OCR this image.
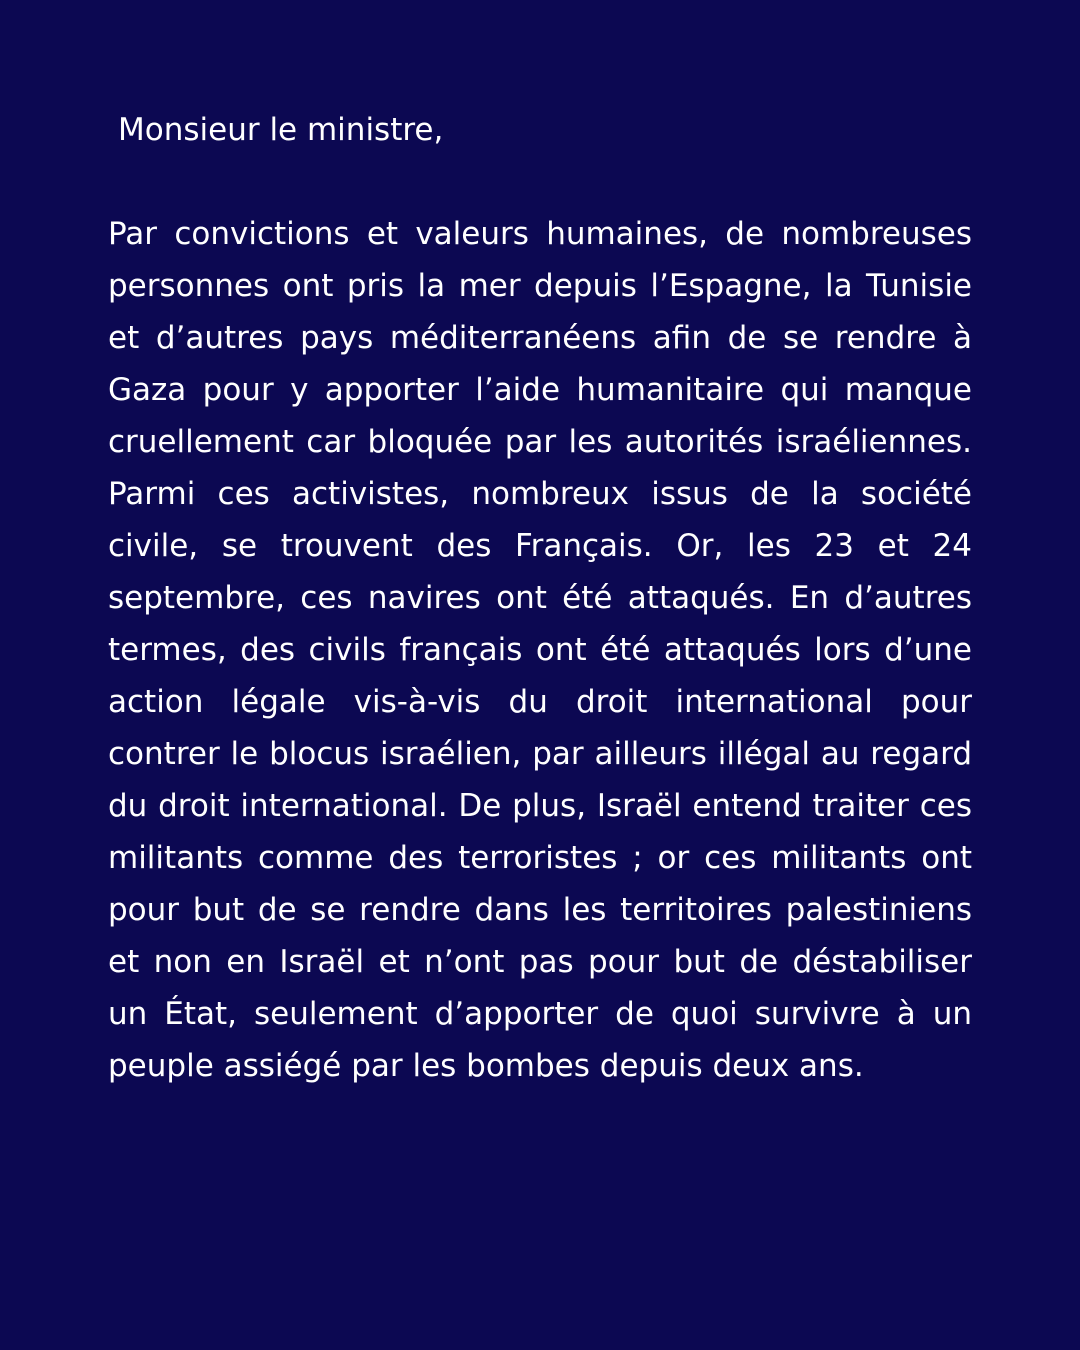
Monsieur le ministre,

Par convictions et valeurs humaines, de nombreuses personnes ont pris la mer depuis l’Espagne, la Tunisie et d’autres pays méditerranéens afin de se rendre à Gaza pour y apporter l’aide humanitaire qui manque cruellement car bloquée par les autorités israéliennes. Parmi ces activistes, nombreux issus de la société civile, se trouvent des Français. Or, les 23 et 24 septembre, ces navires ont été attaqués. En d’autres termes, des civils français ont été attaqués lors d’une action légale vis-à-vis du droit international pour contrer le blocus israélien, par ailleurs illégal au regard du droit international. De plus, Israël entend traiter ces militants comme des terroristes ; or ces militants ont pour but de se rendre dans les territoires palestiniens et non en Israël et n’ont pas pour but de déstabiliser un État, seulement d’apporter de quoi survivre à un peuple assiégé par les bombes depuis deux ans.
